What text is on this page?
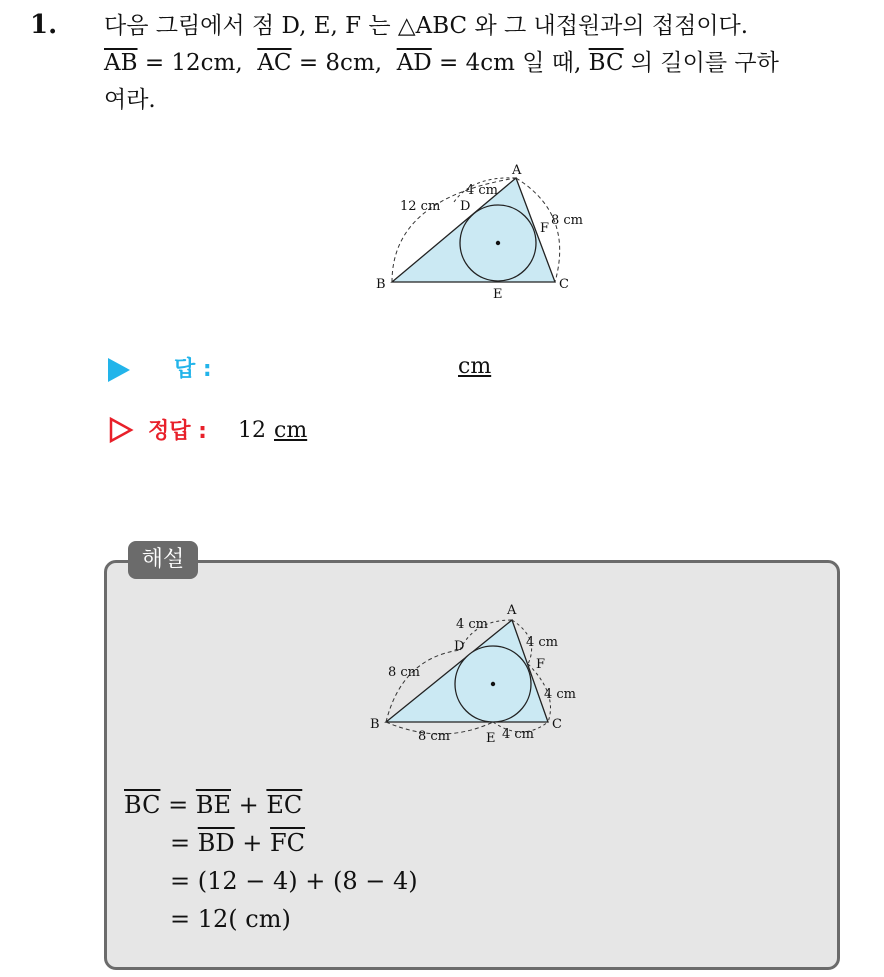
1. 다음 그림에서 점 D, E, F 는 △ABC 와 그 내접원과의 접점이다.
$\overline{AB} = 12cm$, $\overline{AC} = 8cm$, $\overline{AD} = 4cm$ 일 때, $\overline{BC}$ 의 길이를 구하
여라.
A
B	C
D
E
F
12 cm
4 cm
8 cm
답 :	cm
정답 : 12 cm
해설
A
B	C
D
E
F
4 cm
4 cm
8 cm
4 cm
8 cm	4 cm
$\overline{BC} = \overline{BE} + \overline{EC}$
= $\overline{BD} + \overline{FC}$
= (12 − 4) + (8 − 4)
= 12( cm)
